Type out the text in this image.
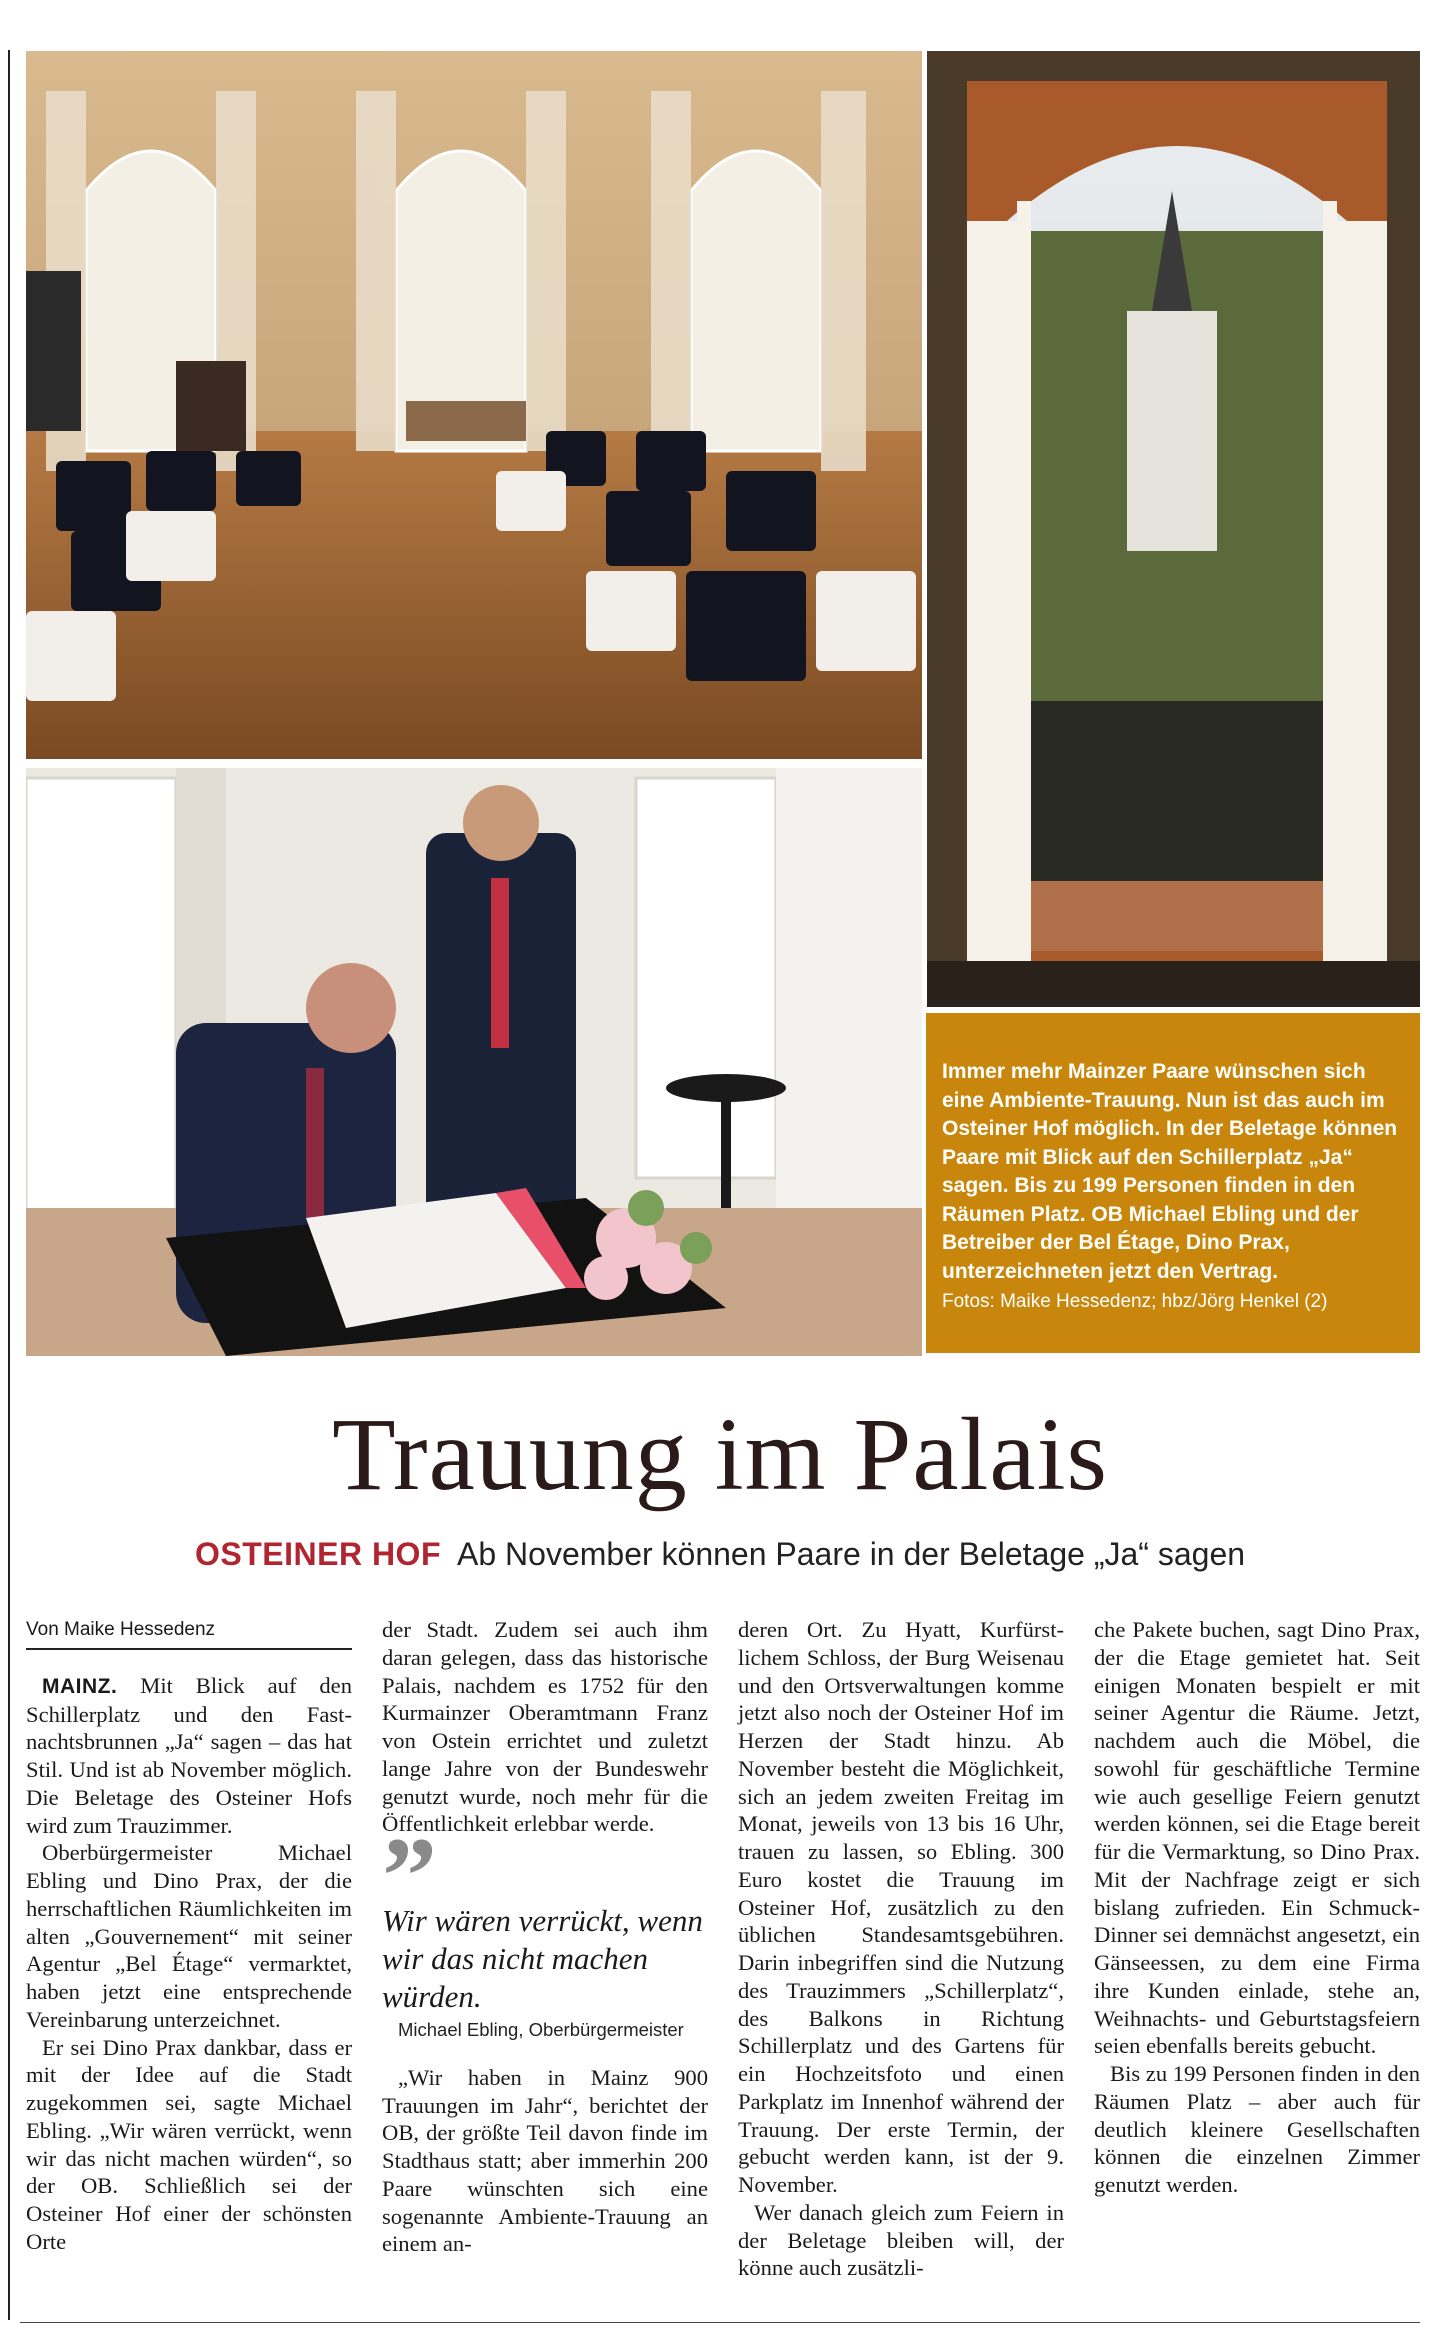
Immer mehr Mainzer Paare wünschen sich eine Ambiente-Trauung. Nun ist das auch im Osteiner Hof möglich. In der Beletage können Paare mit Blick auf den Schillerplatz „Ja“ sagen. Bis zu 199 Personen finden in den Räumen Platz. OB Michael Ebling und der Betreiber der Bel Étage, Dino Prax, unterzeichneten jetzt den Vertrag.

Fotos: Maike Hessedenz; hbz/Jörg Henkel (2)

Trauung im Palais
OSTEINER HOF Ab November können Paare in der Beletage „Ja“ sagen

Von Maike Hessedenz

MAINZ. Mit Blick auf den Schillerplatz und den Fastnachtsbrunnen „Ja“ sagen – das hat Stil. Und ist ab November möglich. Die Beletage des Osteiner Hofs wird zum Trauzimmer.

Oberbürgermeister Michael Ebling und Dino Prax, der die herrschaftlichen Räumlichkeiten im alten „Gouvernement“ mit seiner Agentur „Bel Étage“ vermarktet, haben jetzt eine entsprechende Vereinbarung unterzeichnet.

Er sei Dino Prax dankbar, dass er mit der Idee auf die Stadt zugekommen sei, sagte Michael Ebling. „Wir wären verrückt, wenn wir das nicht machen würden“, so der OB. Schließlich sei der Osteiner Hof einer der schönsten Orte

der Stadt. Zudem sei auch ihm daran gelegen, dass das historische Palais, nachdem es 1752 für den Kurmainzer Oberamtmann Franz von Ostein errichtet und zuletzt lange Jahre von der Bundeswehr genutzt wurde, noch mehr für die Öffentlichkeit erlebbar werde.

”

Wir wären verrückt, wenn wir das nicht machen würden.

Michael Ebling, Oberbürgermeister

„Wir haben in Mainz 900 Trauungen im Jahr“, berichtet der OB, der größte Teil davon finde im Stadthaus statt; aber immerhin 200 Paare wünschten sich eine sogenannte Ambiente-Trauung an einem an-

deren Ort. Zu Hyatt, Kurfürstlichem Schloss, der Burg Weisenau und den Ortsverwaltungen komme jetzt also noch der Osteiner Hof im Herzen der Stadt hinzu. Ab November besteht die Möglichkeit, sich an jedem zweiten Freitag im Monat, jeweils von 13 bis 16 Uhr, trauen zu lassen, so Ebling. 300 Euro kostet die Trauung im Osteiner Hof, zusätzlich zu den üblichen Standesamtsgebühren. Darin inbegriffen sind die Nutzung des Trauzimmers „Schillerplatz“, des Balkons in Richtung Schillerplatz und des Gartens für ein Hochzeitsfoto und einen Parkplatz im Innenhof während der Trauung. Der erste Termin, der gebucht werden kann, ist der 9. November.

Wer danach gleich zum Feiern in der Beletage bleiben will, der könne auch zusätzli-

che Pakete buchen, sagt Dino Prax, der die Etage gemietet hat. Seit einigen Monaten bespielt er mit seiner Agentur die Räume. Jetzt, nachdem auch die Möbel, die sowohl für geschäftliche Termine wie auch gesellige Feiern genutzt werden können, sei die Etage bereit für die Vermarktung, so Dino Prax. Mit der Nachfrage zeigt er sich bislang zufrieden. Ein Schmuck-Dinner sei demnächst angesetzt, ein Gänseessen, zu dem eine Firma ihre Kunden einlade, stehe an, Weihnachts- und Geburtstagsfeiern seien ebenfalls bereits gebucht.

Bis zu 199 Personen finden in den Räumen Platz – aber auch für deutlich kleinere Gesellschaften können die einzelnen Zimmer genutzt werden.
